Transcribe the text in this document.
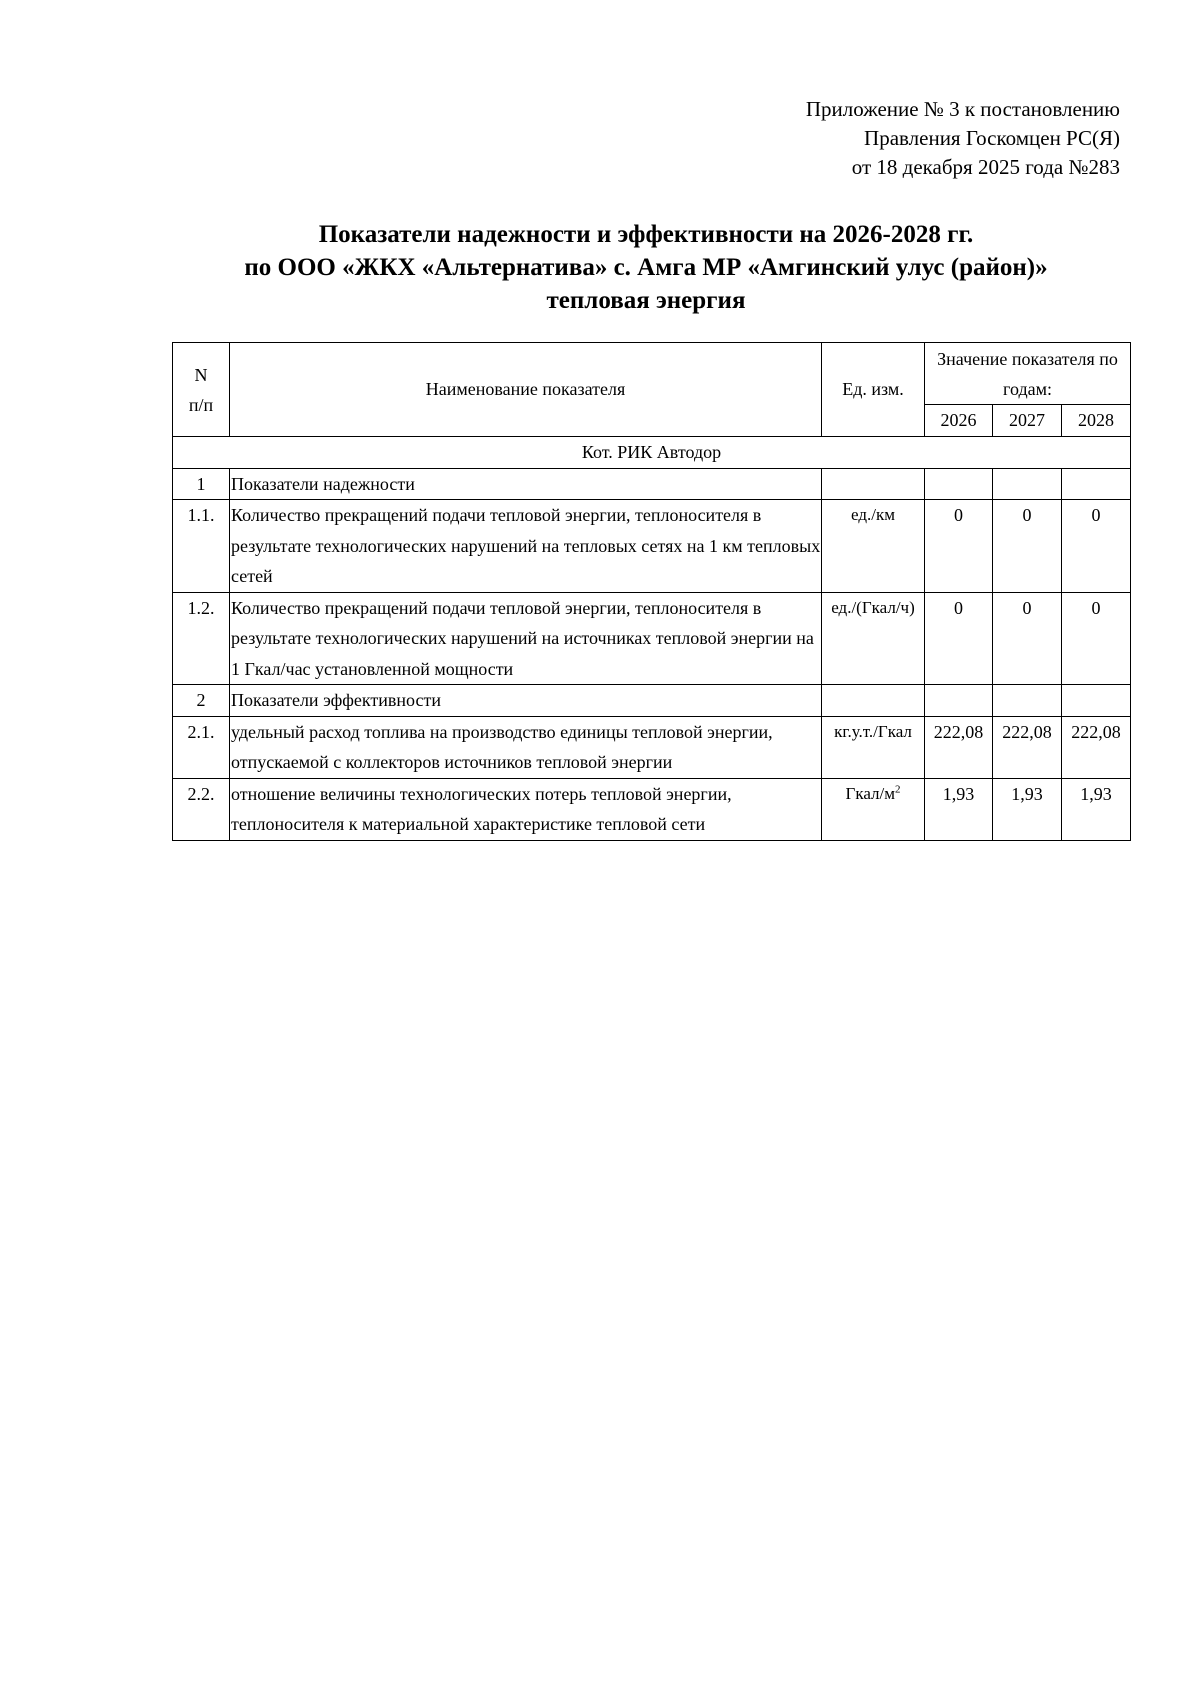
Приложение № 3 к постановлению
Правления Госкомцен РС(Я)
от 18 декабря 2025 года №283
Показатели надежности и эффективности на 2026-2028 гг.
по ООО «ЖКХ «Альтернатива» с. Амга МР «Амгинский улус (район)»
тепловая энергия
N п/п	Наименование показателя	Ед. изм.	Значение показателя по годам:		

			2026	2027	2028
Кот. РИК Автодор					
1	Показатели надежности				
1.1.	Количество прекращений подачи тепловой энергии, теплоносителя в результате технологических нарушений на тепловых сетях на 1 км тепловых сетей	ед./км	0	0	0
1.2.	Количество прекращений подачи тепловой энергии, теплоносителя в результате технологических нарушений на источниках тепловой энергии на 1 Гкал/час установленной мощности	ед./(Гкал/ч)	0	0	0
2	Показатели эффективности				
2.1.	удельный расход топлива на производство единицы тепловой энергии, отпускаемой с коллекторов источников тепловой энергии	кг.у.т./Гкал	222,08	222,08	222,08
2.2.	отношение величины технологических потерь тепловой энергии, теплоносителя к материальной характеристике тепловой сети	Гкал/$м^2$	1,93	1,93	1,93
